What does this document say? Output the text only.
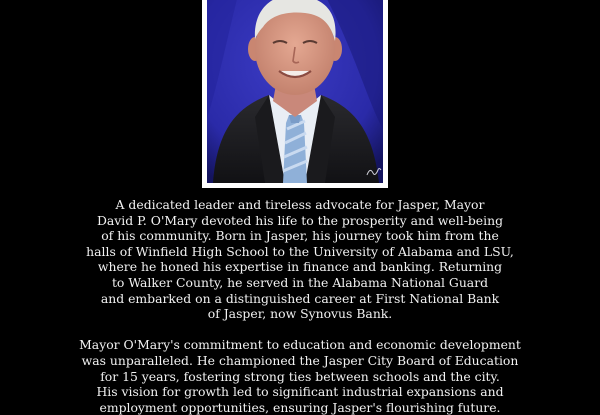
A dedicated leader and tireless advocate for Jasper, Mayor
David P. O'Mary devoted his life to the prosperity and well-being
of his community. Born in Jasper, his journey took him from the
halls of Winfield High School to the University of Alabama and LSU,
where he honed his expertise in finance and banking. Returning
to Walker County, he served in the Alabama National Guard
and embarked on a distinguished career at First National Bank
of Jasper, now Synovus Bank.

Mayor O'Mary's commitment to education and economic development
was unparalleled. He championed the Jasper City Board of Education
for 15 years, fostering strong ties between schools and the city.
His vision for growth led to significant industrial expansions and
employment opportunities, ensuring Jasper's flourishing future.
